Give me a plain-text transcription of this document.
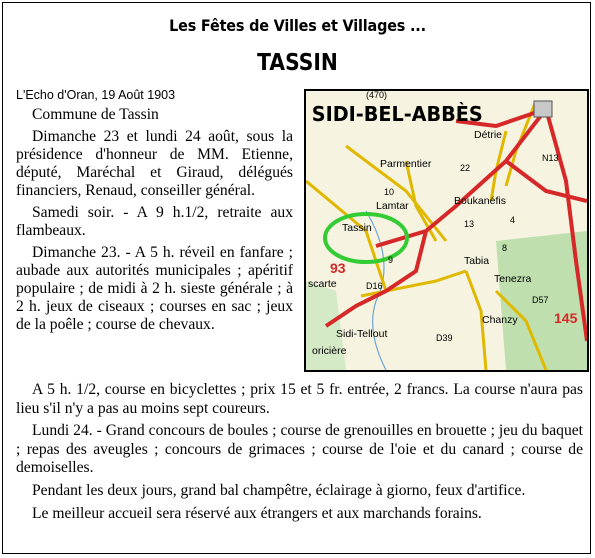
Les Fêtes de Villes et Villages ...
TASSIN
L'Echo d'Oran, 19 Août 1903

Commune de Tassin

Dimanche 23 et lundi 24 août, sous la présidence d'honneur de MM. Etienne, député, Maréchal et Giraud, délégués financiers, Renaud, conseiller général.

Samedi soir. - A 9 h.1/2, retraite aux flambeaux.

Dimanche 23. - A 5 h. réveil en fanfare ; aubade aux autorités municipales ; apéritif populaire ; de midi à 2 h. sieste générale ; à 2 h. jeux de ciseaux ; courses en sac ; jeux de la poêle ; course de chevaux.

SIDI-BEL-ABBÈS
(470)
Détrie
Parmentier
Lamtar
Tassin
Boukanéfis
Tabia
Tenezra
Chanzy
Sidi-Tellout
scarte
oricière
93
145
N13
D16
D57
D39
9
10
22
4
13
8

A 5 h. 1/2, course en bicyclettes ; prix 15 et 5 fr. entrée, 2 francs. La course n'aura pas lieu s'il n'y a pas au moins sept coureurs.

Lundi 24. - Grand concours de boules ; course de grenouilles en brouette ; jeu du baquet ; repas des aveugles ; concours de grimaces ; course de l'oie et du canard ; course de demoiselles.

Pendant les deux jours, grand bal champêtre, éclairage à giorno, feux d'artifice.

Le meilleur accueil sera réservé aux étrangers et aux marchands forains.
